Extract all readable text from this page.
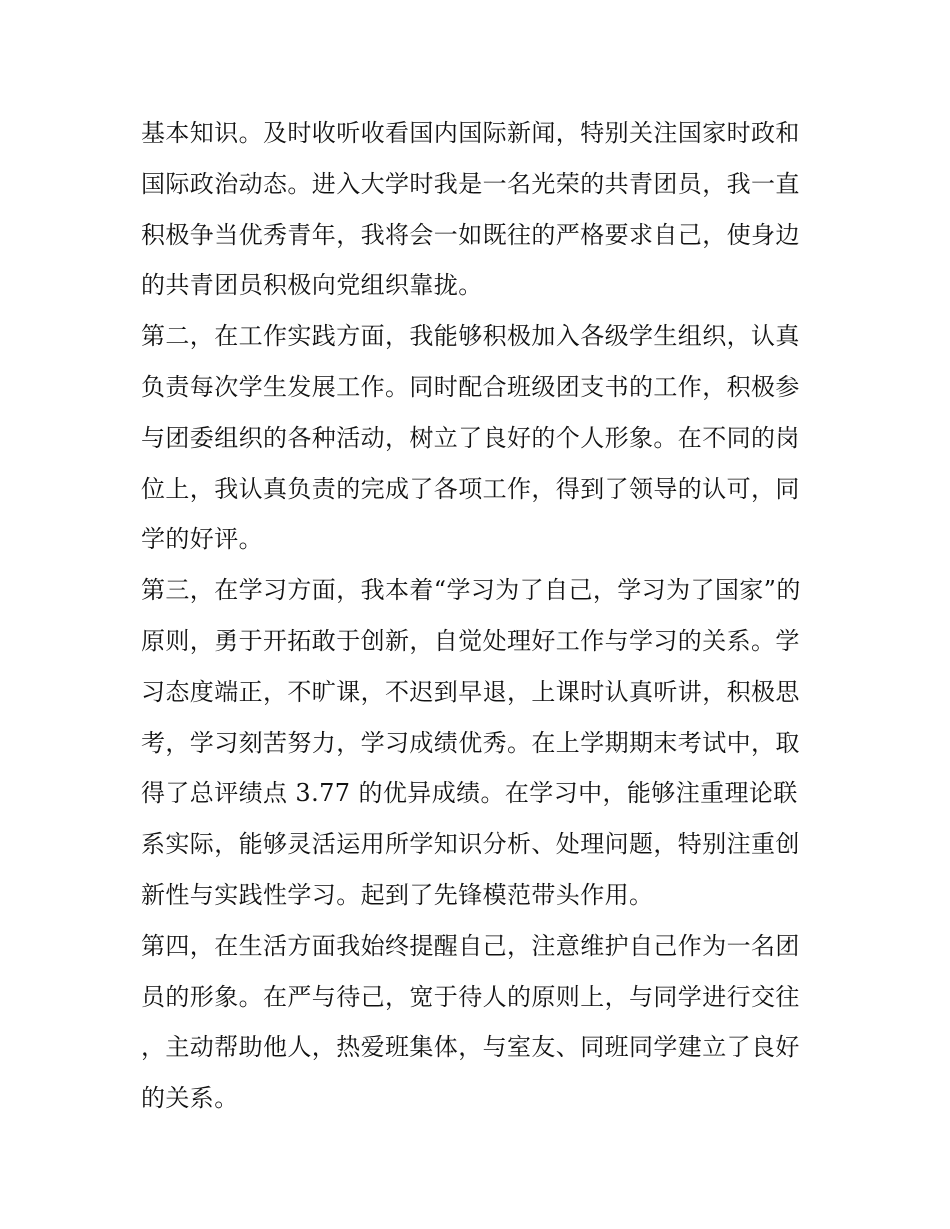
基本知识。及时收听收看国内国际新闻，特别关注国家时政和
国际政治动态。进入大学时我是一名光荣的共青团员，我一直
积极争当优秀青年，我将会一如既往的严格要求自己，使身边
的共青团员积极向党组织靠拢。
第二，在工作实践方面，我能够积极加入各级学生组织，认真
负责每次学生发展工作。同时配合班级团支书的工作，积极参
与团委组织的各种活动，树立了良好的个人形象。在不同的岗
位上，我认真负责的完成了各项工作，得到了领导的认可，同
学的好评。
第三，在学习方面，我本着“学习为了自己，学习为了国家”的
原则，勇于开拓敢于创新，自觉处理好工作与学习的关系。学
习态度端正，不旷课，不迟到早退，上课时认真听讲，积极思
考，学习刻苦努力，学习成绩优秀。在上学期期末考试中，取
得了总评绩点 3.77 的优异成绩。在学习中，能够注重理论联
系实际，能够灵活运用所学知识分析、处理问题，特别注重创
新性与实践性学习。起到了先锋模范带头作用。
第四，在生活方面我始终提醒自己，注意维护自己作为一名团
员的形象。在严与待己，宽于待人的原则上，与同学进行交往
，主动帮助他人，热爱班集体，与室友、同班同学建立了良好
的关系。
